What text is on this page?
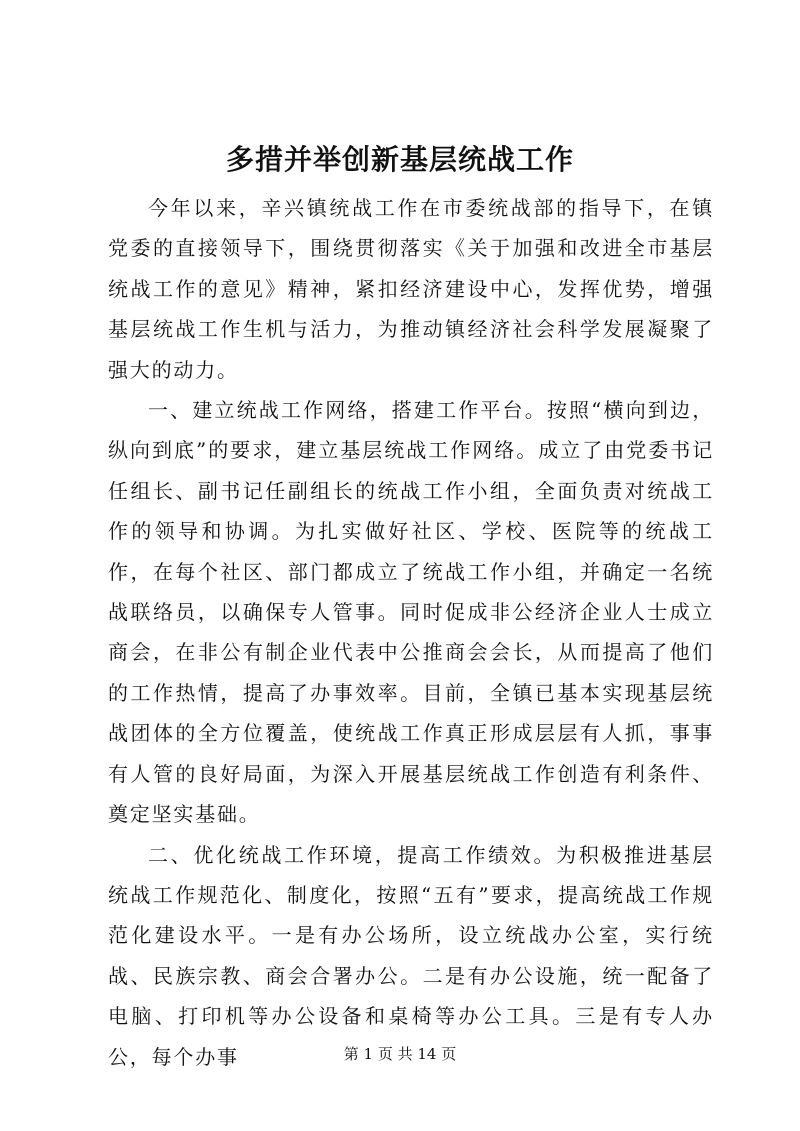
多措并举创新基层统战工作

今年以来，辛兴镇统战工作在市委统战部的指导下，在镇党委的直接领导下，围绕贯彻落实《关于加强和改进全市基层统战工作的意见》精神，紧扣经济建设中心，发挥优势，增强基层统战工作生机与活力，为推动镇经济社会科学发展凝聚了强大的动力。

一、建立统战工作网络，搭建工作平台。按照“横向到边，纵向到底”的要求，建立基层统战工作网络。成立了由党委书记任组长、副书记任副组长的统战工作小组，全面负责对统战工作的领导和协调。为扎实做好社区、学校、医院等的统战工作，在每个社区、部门都成立了统战工作小组，并确定一名统战联络员，以确保专人管事。同时促成非公经济企业人士成立商会，在非公有制企业代表中公推商会会长，从而提高了他们的工作热情，提高了办事效率。目前，全镇已基本实现基层统战团体的全方位覆盖，使统战工作真正形成层层有人抓，事事有人管的良好局面，为深入开展基层统战工作创造有利条件、奠定坚实基础。

二、优化统战工作环境，提高工作绩效。为积极推进基层统战工作规范化、制度化，按照“五有”要求，提高统战工作规范化建设水平。一是有办公场所，设立统战办公室，实行统战、民族宗教、商会合署办公。二是有办公设施，统一配备了电脑、打印机等办公设备和桌椅等办公工具。三是有专人办公，每个办事	第 1 页 共 14 页
